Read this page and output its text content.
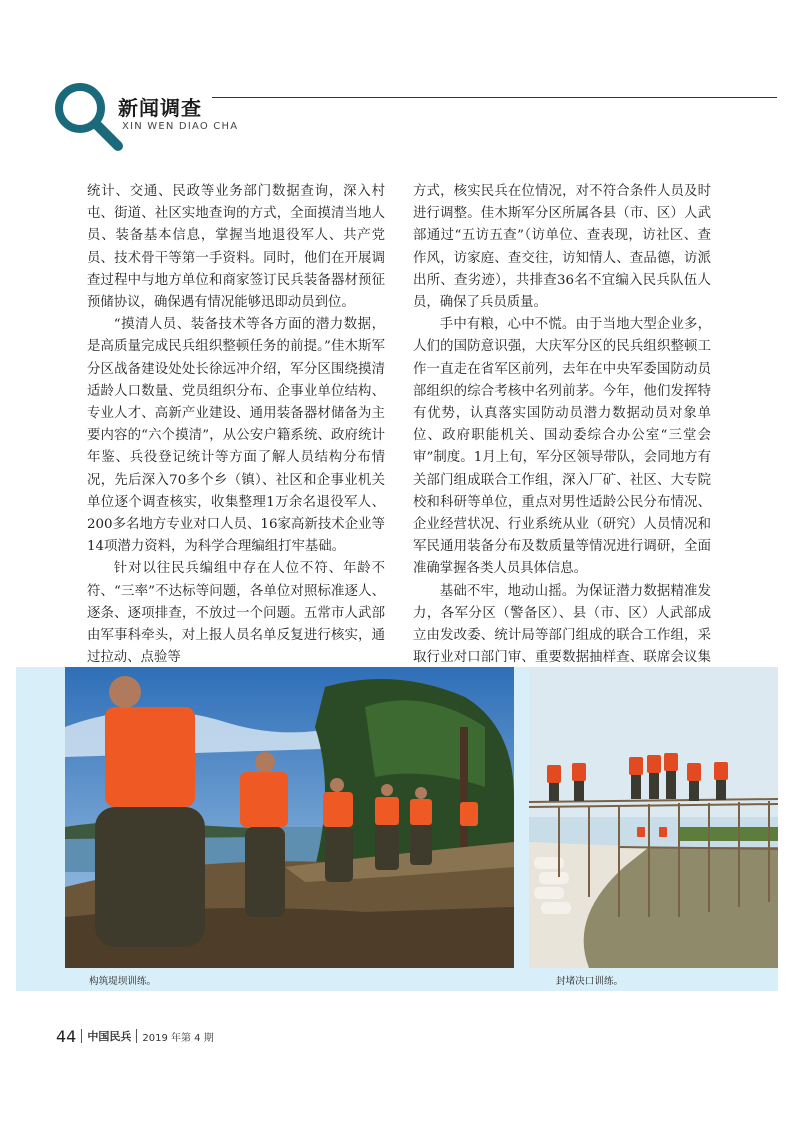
新闻调查
XIN WEN DIAO CHA

统计、交通、民政等业务部门数据查询，深入村屯、街道、社区实地查询的方式，全面摸清当地人员、装备基本信息，掌握当地退役军人、共产党员、技术骨干等第一手资料。同时，他们在开展调查过程中与地方单位和商家签订民兵装备器材预征预储协议，确保遇有情况能够迅即动员到位。

“摸清人员、装备技术等各方面的潜力数据，是高质量完成民兵组织整顿任务的前提。”佳木斯军分区战备建设处处长徐远冲介绍，军分区围绕摸清适龄人口数量、党员组织分布、企事业单位结构、专业人才、高新产业建设、通用装备器材储备为主要内容的“六个摸清”，从公安户籍系统、政府统计年鉴、兵役登记统计等方面了解人员结构分布情况，先后深入70多个乡（镇）、社区和企事业机关单位逐个调查核实，收集整理1万余名退役军人、200多名地方专业对口人员、16家高新技术企业等14项潜力资料，为科学合理编组打牢基础。

针对以往民兵编组中存在人位不符、年龄不符、“三率”不达标等问题，各单位对照标准逐人、逐条、逐项排查，不放过一个问题。五常市人武部由军事科牵头，对上报人员名单反复进行核实，通过拉动、点验等

方式，核实民兵在位情况，对不符合条件人员及时进行调整。佳木斯军分区所属各县（市、区）人武部通过“五访五查”（访单位、查表现，访社区、查作风，访家庭、查交往，访知情人、查品德，访派出所、查劣迹），共排查36名不宜编入民兵队伍人员，确保了兵员质量。

手中有粮，心中不慌。由于当地大型企业多，人们的国防意识强，大庆军分区的民兵组织整顿工作一直走在省军区前列，去年在中央军委国防动员部组织的综合考核中名列前茅。今年，他们发挥特有优势，认真落实国防动员潜力数据动员对象单位、政府职能机关、国动委综合办公室“三堂会审”制度。1月上旬，军分区领导带队，会同地方有关部门组成联合工作组，深入厂矿、社区、大专院校和科研等单位，重点对男性适龄公民分布情况、企业经营状况、行业系统从业（研究）人员情况和军民通用装备分布及数质量等情况进行调研，全面准确掌握各类人员具体信息。

基础不牢，地动山摇。为保证潜力数据精准发力，各军分区（警备区）、县（市、区）人武部成立由发改委、统计局等部门组成的联合工作组，采取行业对口部门审、重要数据抽样查、联席会议集

构筑堤坝训练。	封堵决口训练。
44 中国民兵 2019 年第 4 期
